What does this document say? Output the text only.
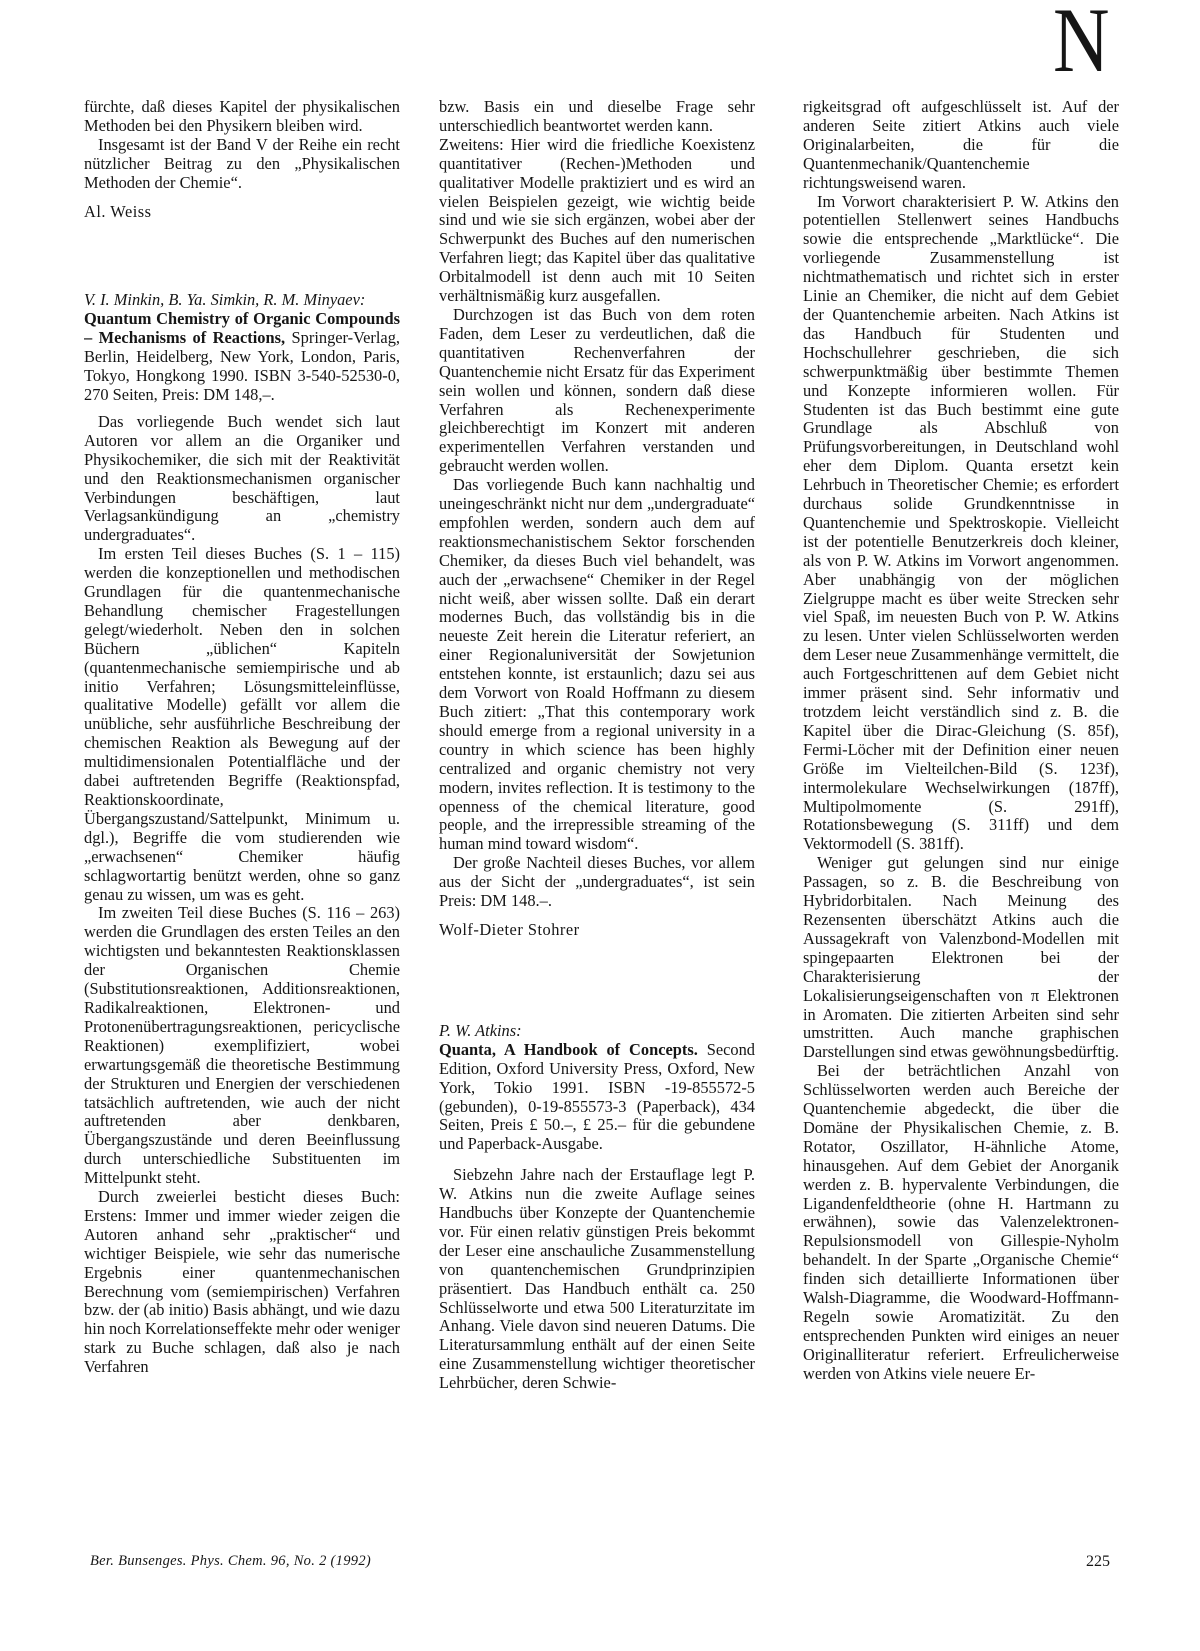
N

fürchte, daß dieses Kapitel der physikalischen Methoden bei den Physikern bleiben wird.

Insgesamt ist der Band V der Reihe ein recht nützlicher Beitrag zu den „Physikalischen Methoden der Chemie“.

Al. Weiss

V. I. Minkin, B. Ya. Simkin, R. M. Minyaev:
Quantum Chemistry of Organic Compounds – Mechanisms of Reactions, Springer-Verlag, Berlin, Heidelberg, New York, London, Paris, Tokyo, Hongkong 1990. ISBN 3-540-52530-0, 270 Seiten, Preis: DM 148,–.

Das vorliegende Buch wendet sich laut Autoren vor allem an die Organiker und Physikochemiker, die sich mit der Reaktivität und den Reaktionsmechanismen organischer Verbindungen beschäftigen, laut Verlagsankündigung an „chemistry undergraduates“.

Im ersten Teil dieses Buches (S. 1 – 115) werden die konzeptionellen und methodischen Grundlagen für die quantenmechanische Behandlung chemischer Fragestellungen gelegt/wiederholt. Neben den in solchen Büchern „üblichen“ Kapiteln (quantenmechanische semiempirische und ab initio Verfahren; Lösungsmitteleinflüsse, qualitative Modelle) gefällt vor allem die unübliche, sehr ausführliche Beschreibung der chemischen Reaktion als Bewegung auf der multidimensionalen Potentialfläche und der dabei auftretenden Begriffe (Reaktionspfad, Reaktionskoordinate, Übergangszustand/Sattelpunkt, Minimum u. dgl.), Begriffe die vom studierenden wie „erwachsenen“ Chemiker häufig schlagwortartig benützt werden, ohne so ganz genau zu wissen, um was es geht.

Im zweiten Teil diese Buches (S. 116 – 263) werden die Grundlagen des ersten Teiles an den wichtigsten und bekanntesten Reaktionsklassen der Organischen Chemie (Substitutionsreaktionen, Additionsreaktionen, Radikalreaktionen, Elektronen- und Protonenübertragungsreaktionen, pericyclische Reaktionen) exemplifiziert, wobei erwartungsgemäß die theoretische Bestimmung der Strukturen und Energien der verschiedenen tatsächlich auftretenden, wie auch der nicht auftretenden aber denkbaren, Übergangszustände und deren Beeinflussung durch unterschiedliche Substituenten im Mittelpunkt steht.

Durch zweierlei besticht dieses Buch: Erstens: Immer und immer wieder zeigen die Autoren anhand sehr „praktischer“ und wichtiger Beispiele, wie sehr das numerische Ergebnis einer quantenmechanischen Berechnung vom (semiempirischen) Verfahren bzw. der (ab initio) Basis abhängt, und wie dazu hin noch Korrelationseffekte mehr oder weniger stark zu Buche schlagen, daß also je nach Verfahren

bzw. Basis ein und dieselbe Frage sehr unterschiedlich beantwortet werden kann.

Zweitens: Hier wird die friedliche Koexistenz quantitativer (Rechen-)Methoden und qualitativer Modelle praktiziert und es wird an vielen Beispielen gezeigt, wie wichtig beide sind und wie sie sich ergänzen, wobei aber der Schwerpunkt des Buches auf den numerischen Verfahren liegt; das Kapitel über das qualitative Orbitalmodell ist denn auch mit 10 Seiten verhältnismäßig kurz ausgefallen.

Durchzogen ist das Buch von dem roten Faden, dem Leser zu verdeutlichen, daß die quantitativen Rechenverfahren der Quantenchemie nicht Ersatz für das Experiment sein wollen und können, sondern daß diese Verfahren als Rechenexperimente gleichberechtigt im Konzert mit anderen experimentellen Verfahren verstanden und gebraucht werden wollen.

Das vorliegende Buch kann nachhaltig und uneingeschränkt nicht nur dem „undergraduate“ empfohlen werden, sondern auch dem auf reaktionsmechanistischem Sektor forschenden Chemiker, da dieses Buch viel behandelt, was auch der „erwachsene“ Chemiker in der Regel nicht weiß, aber wissen sollte. Daß ein derart modernes Buch, das vollständig bis in die neueste Zeit herein die Literatur referiert, an einer Regionaluniversität der Sowjetunion entstehen konnte, ist erstaunlich; dazu sei aus dem Vorwort von Roald Hoffmann zu diesem Buch zitiert: „That this contemporary work should emerge from a regional university in a country in which science has been highly centralized and organic chemistry not very modern, invites reflection. It is testimony to the openness of the chemical literature, good people, and the irrepressible streaming of the human mind toward wisdom“.

Der große Nachteil dieses Buches, vor allem aus der Sicht der „undergraduates“, ist sein Preis: DM 148.–.

Wolf-Dieter Stohrer

P. W. Atkins:
Quanta, A Handbook of Concepts. Second Edition, Oxford University Press, Oxford, New York, Tokio 1991. ISBN -19-855572-5 (gebunden), 0-19-855573-3 (Paperback), 434 Seiten, Preis £ 50.–, £ 25.– für die gebundene und Paperback-Ausgabe.

Siebzehn Jahre nach der Erstauflage legt P. W. Atkins nun die zweite Auflage seines Handbuchs über Konzepte der Quantenchemie vor. Für einen relativ günstigen Preis bekommt der Leser eine anschauliche Zusammenstellung von quantenchemischen Grundprinzipien präsentiert. Das Handbuch enthält ca. 250 Schlüsselworte und etwa 500 Literaturzitate im Anhang. Viele davon sind neueren Datums. Die Literatursammlung enthält auf der einen Seite eine Zusammenstellung wichtiger theoretischer Lehrbücher, deren Schwie-

rigkeitsgrad oft aufgeschlüsselt ist. Auf der anderen Seite zitiert Atkins auch viele Originalarbeiten, die für die Quantenmechanik/Quantenchemie richtungsweisend waren.

Im Vorwort charakterisiert P. W. Atkins den potentiellen Stellenwert seines Handbuchs sowie die entsprechende „Marktlücke“. Die vorliegende Zusammenstellung ist nichtmathematisch und richtet sich in erster Linie an Chemiker, die nicht auf dem Gebiet der Quantenchemie arbeiten. Nach Atkins ist das Handbuch für Studenten und Hochschullehrer geschrieben, die sich schwerpunktmäßig über bestimmte Themen und Konzepte informieren wollen. Für Studenten ist das Buch bestimmt eine gute Grundlage als Abschluß von Prüfungsvorbereitungen, in Deutschland wohl eher dem Diplom. Quanta ersetzt kein Lehrbuch in Theoretischer Chemie; es erfordert durchaus solide Grundkenntnisse in Quantenchemie und Spektroskopie. Vielleicht ist der potentielle Benutzerkreis doch kleiner, als von P. W. Atkins im Vorwort angenommen. Aber unabhängig von der möglichen Zielgruppe macht es über weite Strecken sehr viel Spaß, im neuesten Buch von P. W. Atkins zu lesen. Unter vielen Schlüsselworten werden dem Leser neue Zusammenhänge vermittelt, die auch Fortgeschrittenen auf dem Gebiet nicht immer präsent sind. Sehr informativ und trotzdem leicht verständlich sind z. B. die Kapitel über die Dirac-Gleichung (S. 85f), Fermi-Löcher mit der Definition einer neuen Größe im Vielteilchen-Bild (S. 123f), intermolekulare Wechselwirkungen (187ff), Multipolmomente (S. 291ff), Rotationsbewegung (S. 311ff) und dem Vektormodell (S. 381ff).

Weniger gut gelungen sind nur einige Passagen, so z. B. die Beschreibung von Hybridorbitalen. Nach Meinung des Rezensenten überschätzt Atkins auch die Aussagekraft von Valenzbond-Modellen mit spingepaarten Elektronen bei der Charakterisierung der Lokalisierungseigenschaften von π Elektronen in Aromaten. Die zitierten Arbeiten sind sehr umstritten. Auch manche graphischen Darstellungen sind etwas gewöhnungsbedürftig.

Bei der beträchtlichen Anzahl von Schlüsselworten werden auch Bereiche der Quantenchemie abgedeckt, die über die Domäne der Physikalischen Chemie, z. B. Rotator, Oszillator, H-ähnliche Atome, hinausgehen. Auf dem Gebiet der Anorganik werden z. B. hypervalente Verbindungen, die Ligandenfeldtheorie (ohne H. Hartmann zu erwähnen), sowie das Valenzelektronen-Repulsionsmodell von Gillespie-Nyholm behandelt. In der Sparte „Organische Chemie“ finden sich detaillierte Informationen über Walsh-Diagramme, die Woodward-Hoffmann-Regeln sowie Aromatizität. Zu den entsprechenden Punkten wird einiges an neuer Originalliteratur referiert. Erfreulicherweise werden von Atkins viele neuere Er-

Ber. Bunsenges. Phys. Chem. 96, No. 2 (1992)	225
